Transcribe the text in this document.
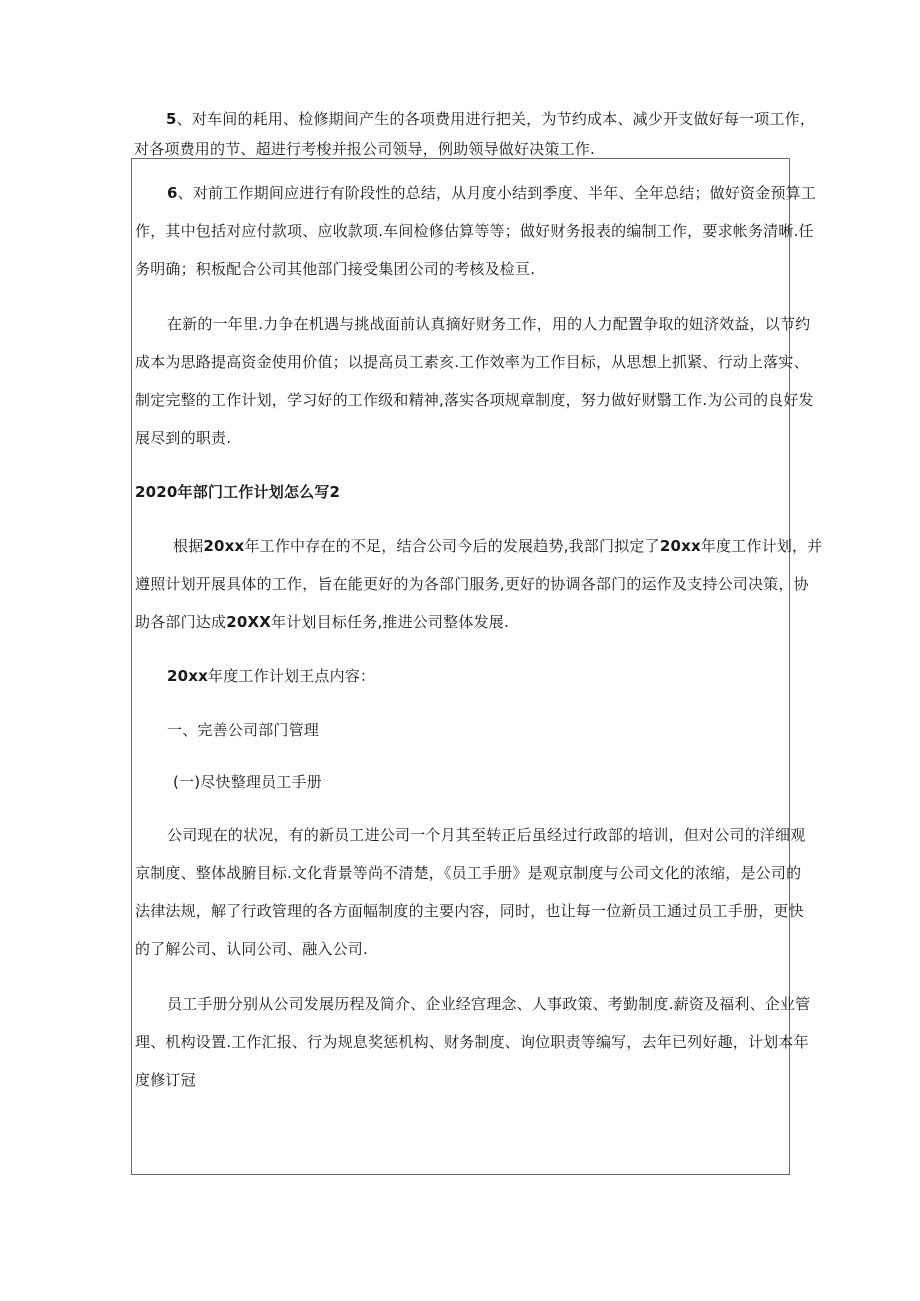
5、对车间的耗用、检修期间产生的各项费用进行把关，为节约成本、减少开支做好每一项工作，
对各项费用的节、超进行考梭并报公司领导，例助领导做好决策工作.

6、对前工作期间应进行有阶段性的总结，从月度小结到季度、半年、全年总结；做好资金预算工
作，其中包括对应付款项、应收款项.车间检修估算等等；做好财务报表的编制工作，要求帐务清晰.任
务明确；积板配合公司其他部门接受集团公司的考核及检亘.

在新的一年里.力争在机遇与挑战面前认真摘好财务工作，用的人力配置争取的妞济效益，以节约
成本为思路提高资金使用价值；以提高员工素亥.工作效率为工作目标，从思想上抓紧、行动上落实、
制定完整的工作计划，学习好的工作级和精神,落实各项规章制度，努力做好财翳工作.为公司的良好发
展尽到的职责.

2020年部门工作计划怎么写2

根据20xx年工作中存在的不足，结合公司今后的发展趋势,我部门拟定了20xx年度工作计划，并
遵照计划开展具体的工作，旨在能更好的为各部门服务,更好的协调各部门的运作及支持公司决策，协
助各部门达成20XX年计划目标任务,推进公司整体发展.

20xx年度工作计划王点内容：

一、完善公司部门管理

(一)尽快整理员工手册

公司现在的状况，有的新员工进公司一个月其至转正后虽经过行政部的培训，但对公司的洋细观
京制度、整体战腑目标.文化背景等尚不清楚，《员工手册》是观京制度与公司文化的浓缩，是公司的
法律法规，解了行政管理的各方面幅制度的主要内容，同时，也让每一位新员工通过员工手册，更快
的了解公司、认同公司、融入公司.

员工手册分别从公司发展历程及简介、企业经宫理念、人事政策、考勤制度.薪资及福利、企业管
理、机构设置.工作汇报、行为规息奖惩机构、财务制度、询位职责等编写，去年已列好趣，计划本年
度修订冠
